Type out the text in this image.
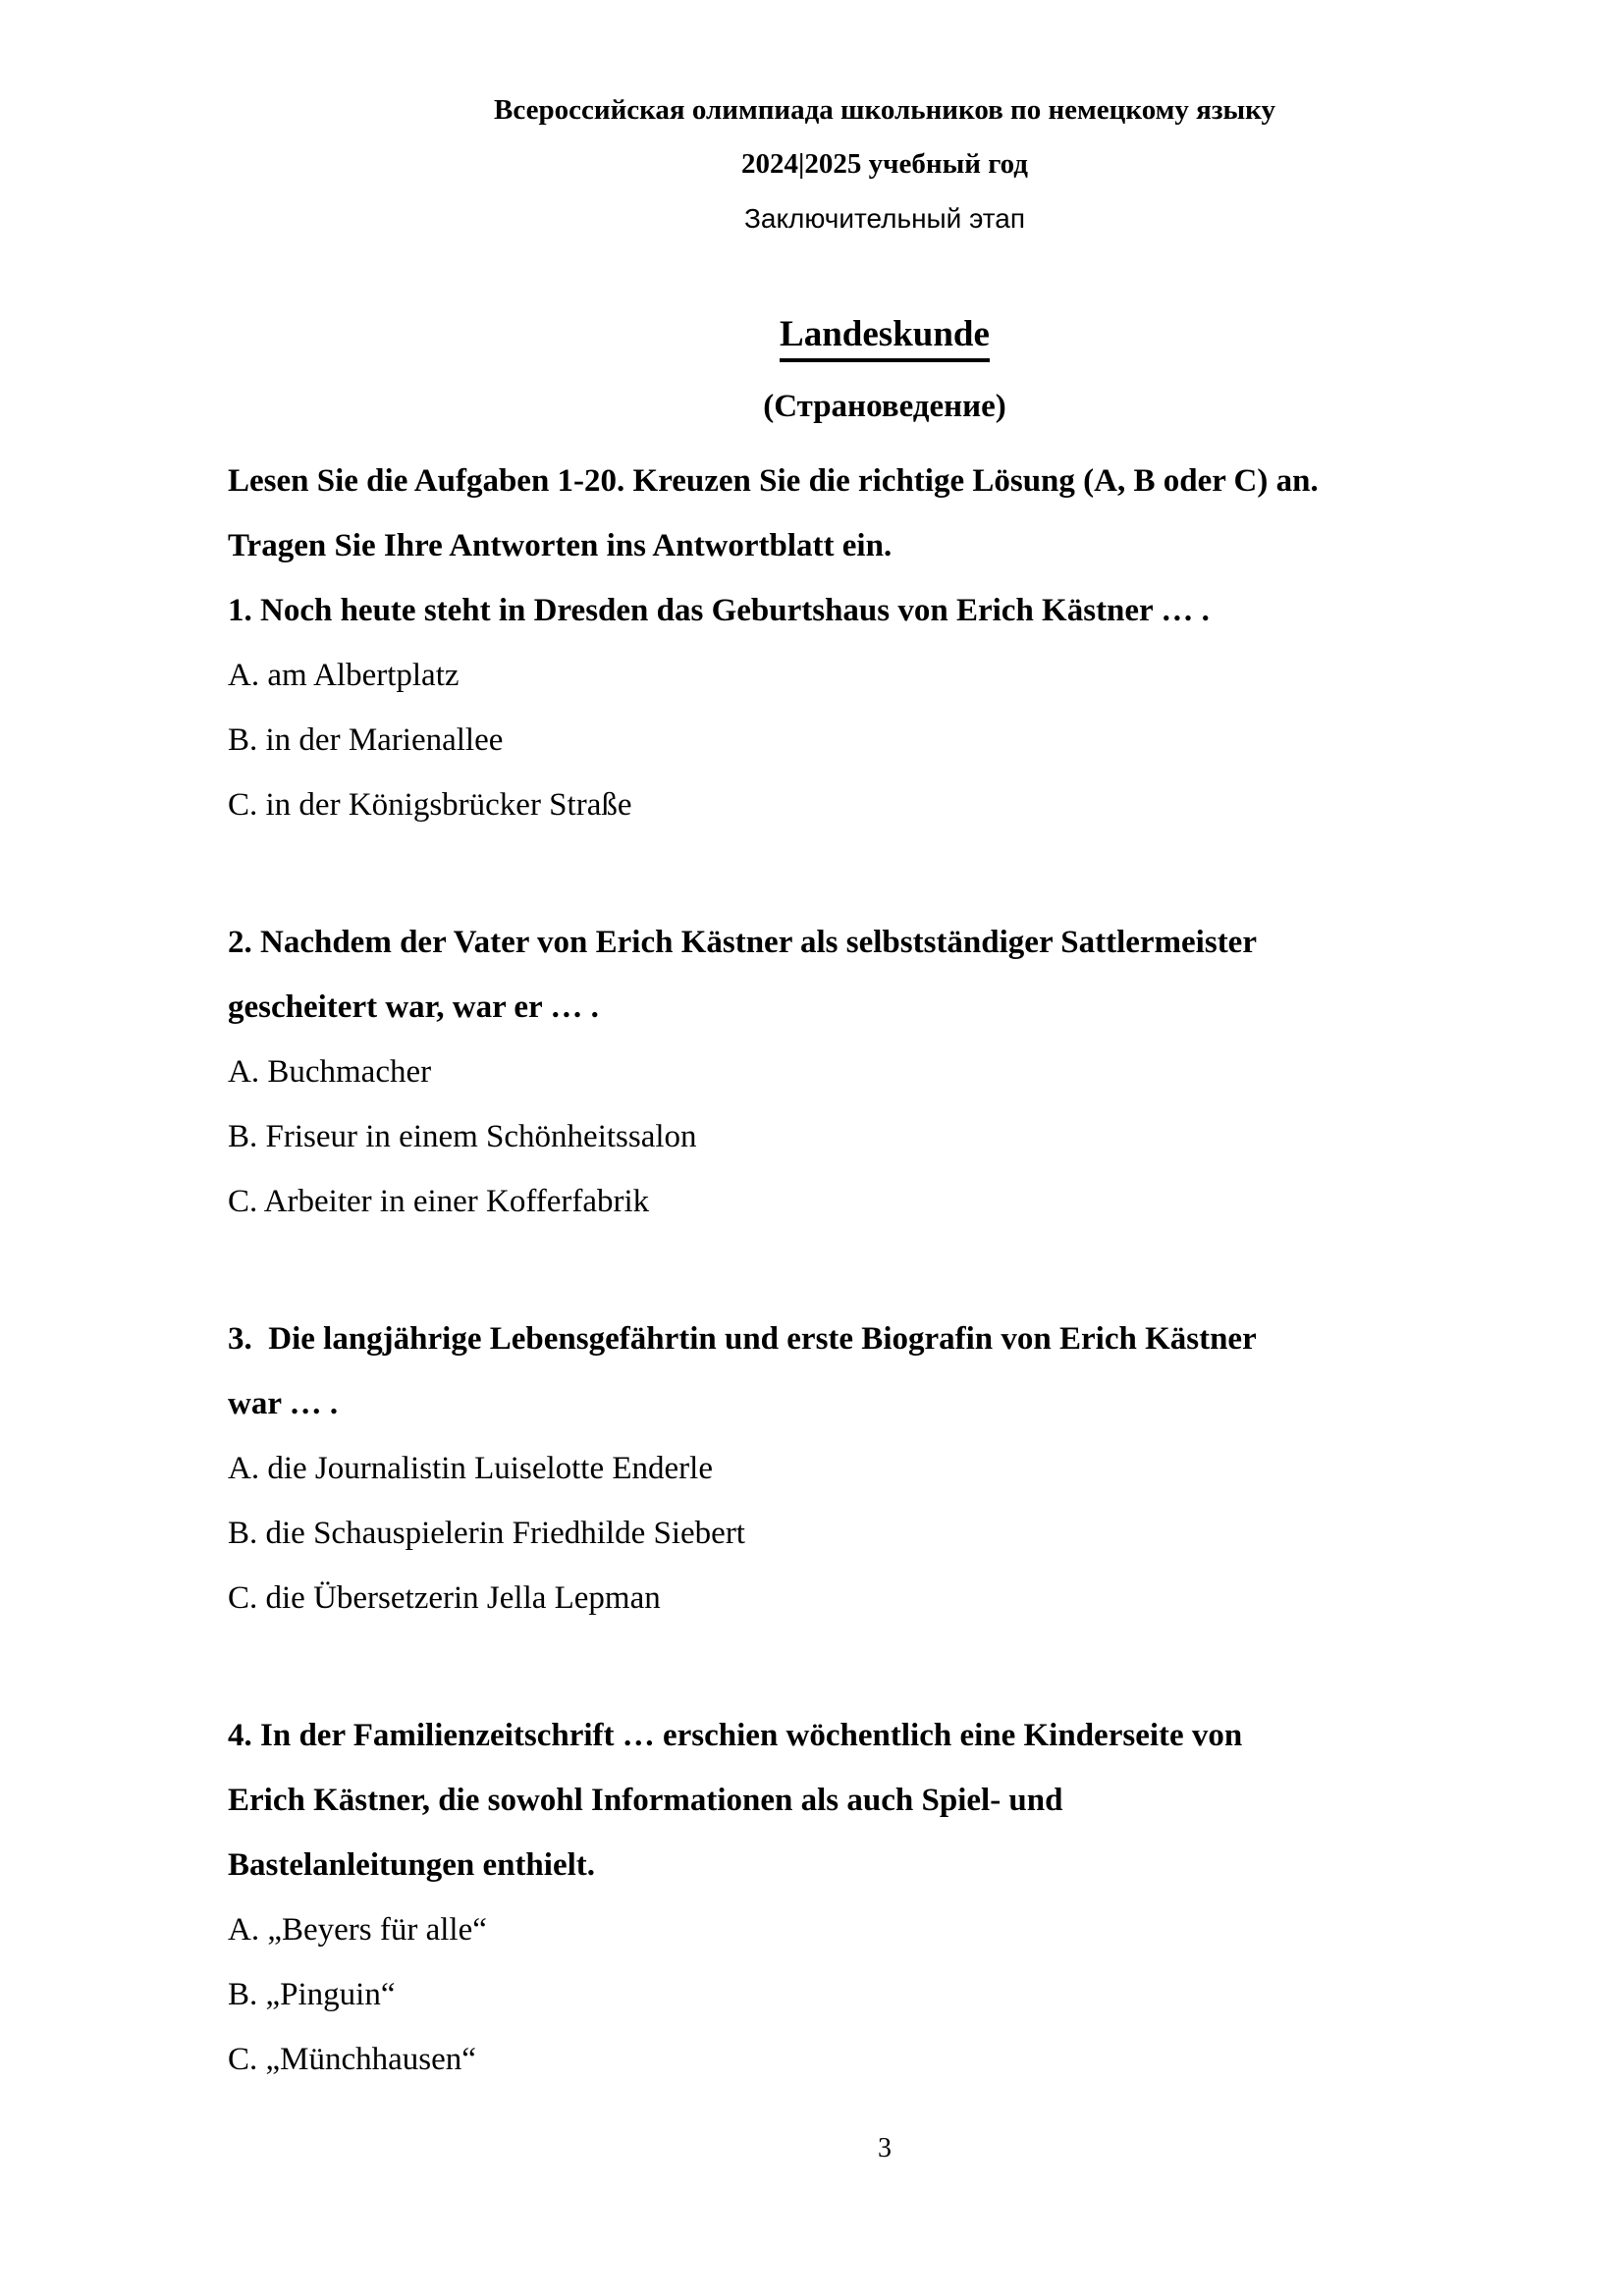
Всероссийская олимпиада школьников по немецкому языку
2024|2025 учебный год
Заключительный этап
Landeskunde
(Страноведение)
Lesen Sie die Aufgaben 1-20. Kreuzen Sie die richtige Lösung (A, B oder C) an.
Tragen Sie Ihre Antworten ins Antwortblatt ein.
1. Noch heute steht in Dresden das Geburtshaus von Erich Kästner … .
A. am Albertplatz
B. in der Marienallee
C. in der Königsbrücker Straße
2. Nachdem der Vater von Erich Kästner als selbstständiger Sattlermeister
gescheitert war, war er … .
A. Buchmacher
B. Friseur in einem Schönheitssalon
C. Arbeiter in einer Kofferfabrik
3.  Die langjährige Lebensgefährtin und erste Biografin von Erich Kästner
war … .
A. die Journalistin Luiselotte Enderle
B. die Schauspielerin Friedhilde Siebert
C. die Übersetzerin Jella Lepman
4. In der Familienzeitschrift … erschien wöchentlich eine Kinderseite von
Erich Kästner, die sowohl Informationen als auch Spiel- und
Bastelanleitungen enthielt.
A. „Beyers für alle“
B. „Pinguin“
C. „Münchhausen“
3
